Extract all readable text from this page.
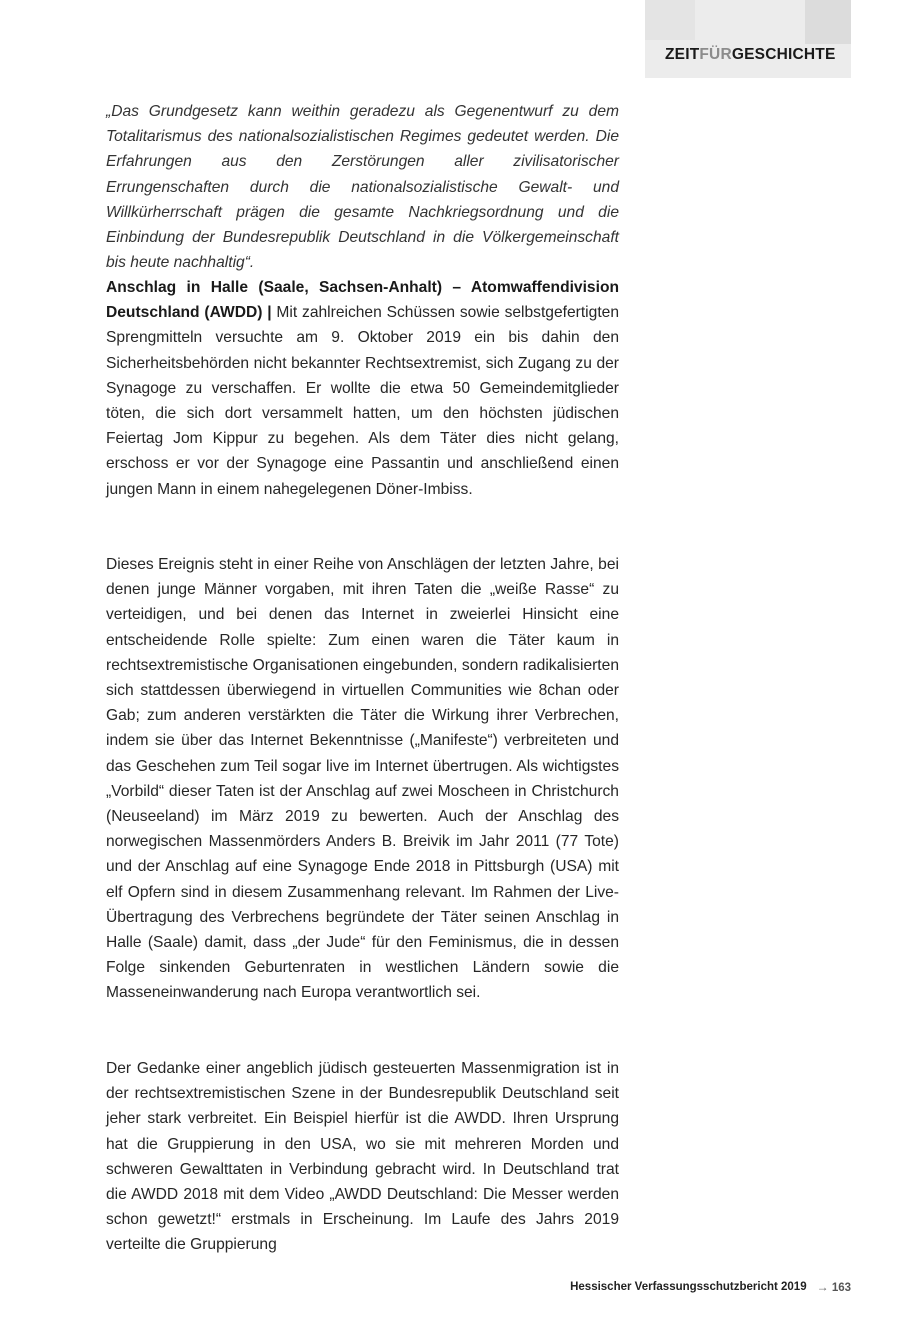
ZEITFÜRGESCHICHTE

„Das Grundgesetz kann weithin geradezu als Gegenentwurf zu dem Totalitarismus des nationalsozialistischen Regimes gedeutet werden. Die Erfahrungen aus den Zerstörungen aller zivilisatorischer Errungenschaften durch die nationalsozialistische Gewalt- und Willkürherrschaft prägen die gesamte Nachkriegsordnung und die Einbindung der Bundesrepublik Deutschland in die Völkergemeinschaft bis heute nachhaltig“.

Anschlag in Halle (Saale, Sachsen-Anhalt) – Atomwaffendivision Deutschland (AWDD) | Mit zahlreichen Schüssen sowie selbstgefertigten Sprengmitteln versuchte am 9. Oktober 2019 ein bis dahin den Sicherheitsbehörden nicht bekannter Rechtsextremist, sich Zugang zu der Synagoge zu verschaffen. Er wollte die etwa 50 Gemeindemitglieder töten, die sich dort versammelt hatten, um den höchsten jüdischen Feiertag Jom Kippur zu begehen. Als dem Täter dies nicht gelang, erschoss er vor der Synagoge eine Passantin und anschließend einen jungen Mann in einem nahegelegenen Döner-Imbiss.

Dieses Ereignis steht in einer Reihe von Anschlägen der letzten Jahre, bei denen junge Männer vorgaben, mit ihren Taten die „weiße Rasse“ zu verteidigen, und bei denen das Internet in zweierlei Hinsicht eine entscheidende Rolle spielte: Zum einen waren die Täter kaum in rechtsextremistische Organisationen eingebunden, sondern radikalisierten sich stattdessen überwiegend in virtuellen Communities wie 8chan oder Gab; zum anderen verstärkten die Täter die Wirkung ihrer Verbrechen, indem sie über das Internet Bekenntnisse („Manifeste“) verbreiteten und das Geschehen zum Teil sogar live im Internet übertrugen. Als wichtigstes „Vorbild“ dieser Taten ist der Anschlag auf zwei Moscheen in Christchurch (Neuseeland) im März 2019 zu bewerten. Auch der Anschlag des norwegischen Massenmörders Anders B. Breivik im Jahr 2011 (77 Tote) und der Anschlag auf eine Synagoge Ende 2018 in Pittsburgh (USA) mit elf Opfern sind in diesem Zusammenhang relevant. Im Rahmen der Live-Übertragung des Verbrechens begründete der Täter seinen Anschlag in Halle (Saale) damit, dass „der Jude“ für den Feminismus, die in dessen Folge sinkenden Geburtenraten in westlichen Ländern sowie die Masseneinwanderung nach Europa verantwortlich sei.

Der Gedanke einer angeblich jüdisch gesteuerten Massenmigration ist in der rechtsextremistischen Szene in der Bundesrepublik Deutschland seit jeher stark verbreitet. Ein Beispiel hierfür ist die AWDD. Ihren Ursprung hat die Gruppierung in den USA, wo sie mit mehreren Morden und schweren Gewalttaten in Verbindung gebracht wird. In Deutschland trat die AWDD 2018 mit dem Video „AWDD Deutschland: Die Messer werden schon gewetzt!“ erstmals in Erscheinung. Im Laufe des Jahrs 2019 verteilte die Gruppierung

Hessischer Verfassungsschutzbericht 2019 → 163
